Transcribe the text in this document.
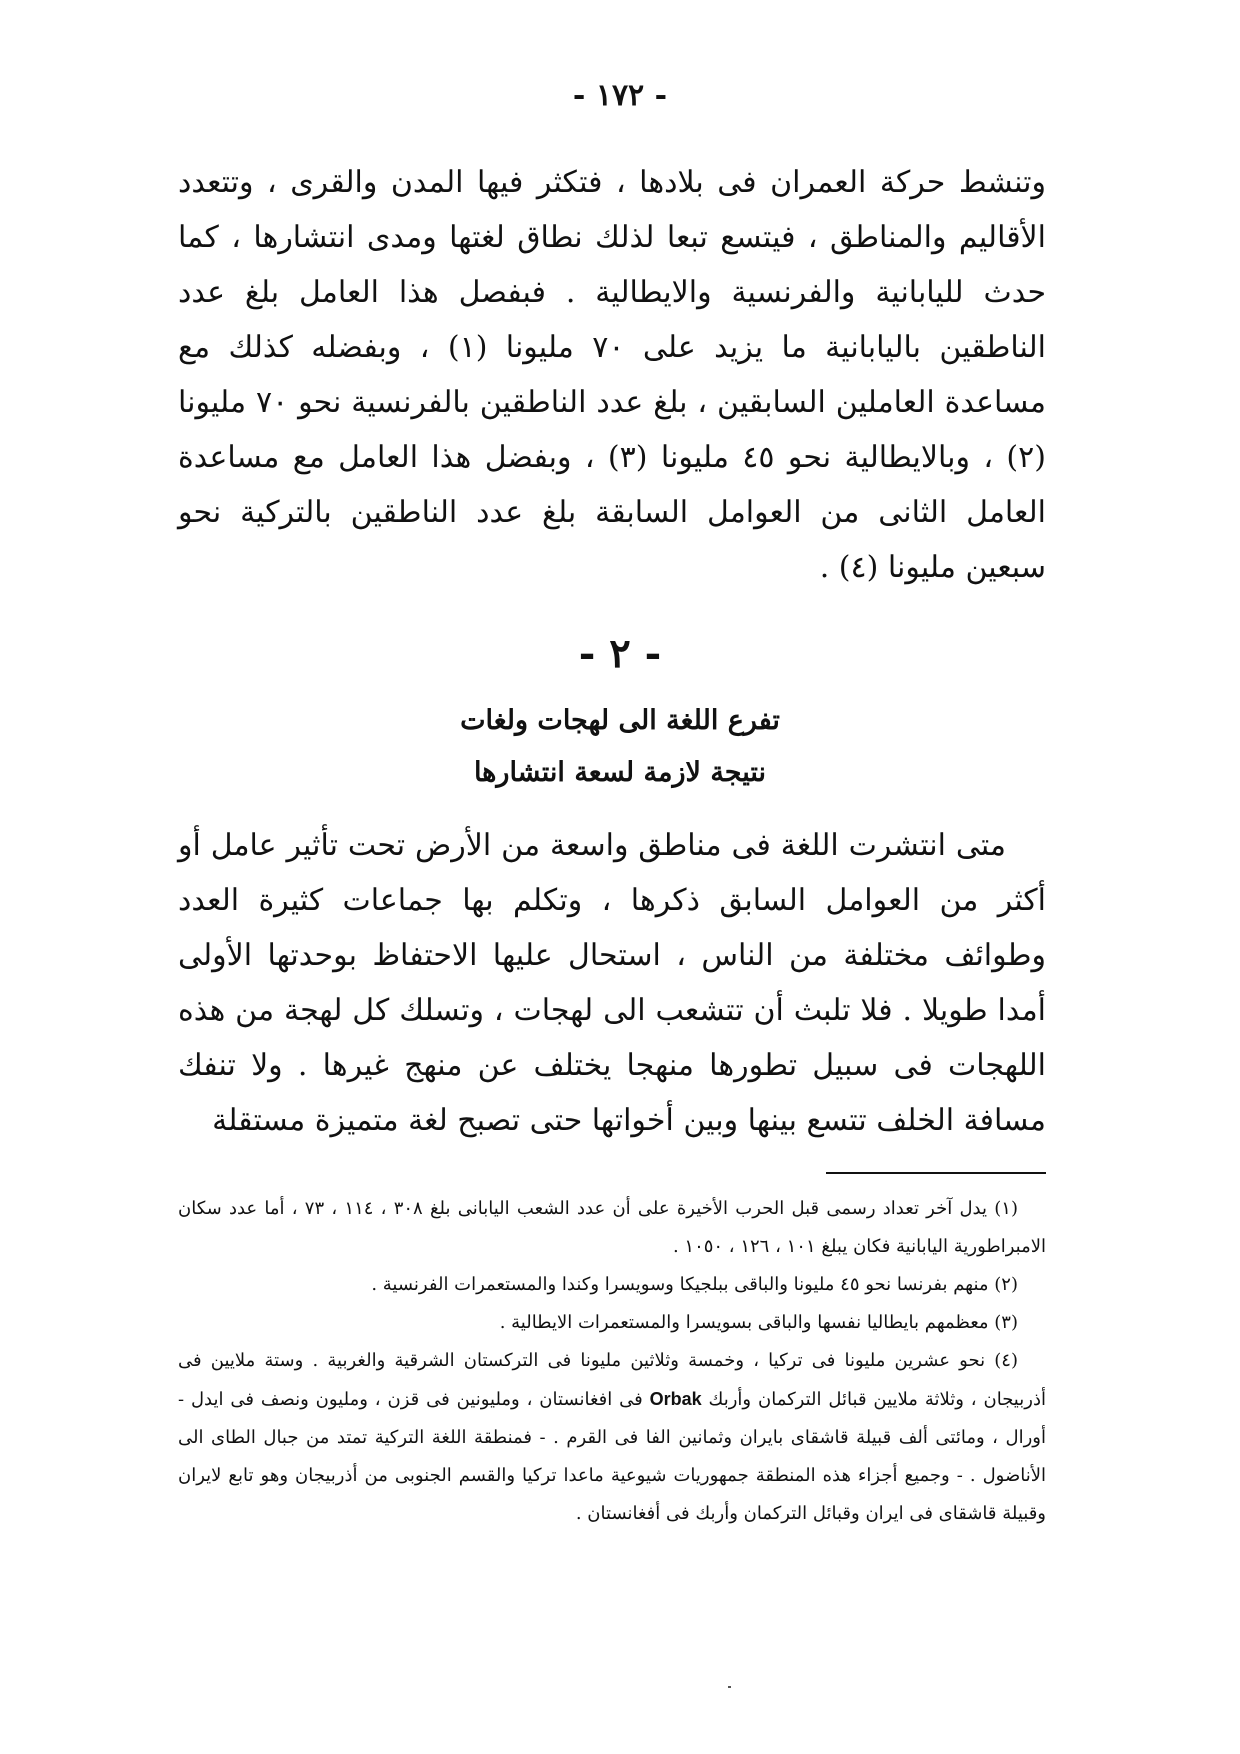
- ١٧٢ -

وتنشط حركة العمران فى بلادها ، فتكثر فيها المدن والقرى ، وتتعدد الأقاليم والمناطق ، فيتسع تبعا لذلك نطاق لغتها ومدى انتشارها ، كما حدث لليابانية والفرنسية والايطالية . فبفصل هذا العامل بلغ عدد الناطقين باليابانية ما يزيد على ٧٠ مليونا (١) ، وبفضله كذلك مع مساعدة العاملين السابقين ، بلغ عدد الناطقين بالفرنسية نحو ٧٠ مليونا (٢) ، وبالايطالية نحو ٤٥ مليونا (٣) ، وبفضل هذا العامل مع مساعدة العامل الثانى من العوامل السابقة بلغ عدد الناطقين بالتركية نحو سبعين مليونا (٤) .

- ٢ -
تفرع اللغة الى لهجات ولغات
نتيجة لازمة لسعة انتشارها

متى انتشرت اللغة فى مناطق واسعة من الأرض تحت تأثير عامل أو أكثر من العوامل السابق ذكرها ، وتكلم بها جماعات كثيرة العدد وطوائف مختلفة من الناس ، استحال عليها الاحتفاظ بوحدتها الأولى أمدا طويلا . فلا تلبث أن تتشعب الى لهجات ، وتسلك كل لهجة من هذه اللهجات فى سبيل تطورها منهجا يختلف عن منهج غيرها . ولا تنفك مسافة الخلف تتسع بينها وبين أخواتها حتى تصبح لغة متميزة مستقلة

(١) يدل آخر تعداد رسمى قبل الحرب الأخيرة على أن عدد الشعب اليابانى بلغ ٣٠٨ ، ١١٤ ، ٧٣ ، أما عدد سكان الامبراطورية اليابانية فكان يبلغ ١٠١ ، ١٢٦ ، ١٠٥٠ .

(٢) منهم بفرنسا نحو ٤٥ مليونا والباقى ببلجيكا وسويسرا وكندا والمستعمرات الفرنسية .

(٣) معظمهم بايطاليا نفسها والباقى بسويسرا والمستعمرات الايطالية .

(٤) نحو عشرين مليونا فى تركيا ، وخمسة وثلاثين مليونا فى التركستان الشرقية والغربية . وستة ملايين فى أذربيجان ، وثلاثة ملايين قبائل التركمان وأربك Orbak فى افغانستان ، ومليونين فى قزن ، ومليون ونصف فى ايدل - أورال ، ومائتى ألف قبيلة قاشقاى بايران وثمانين الفا فى القرم . - فمنطقة اللغة التركية تمتد من جبال الطاى الى الأناضول . - وجميع أجزاء هذه المنطقة جمهوريات شيوعية ماعدا تركيا والقسم الجنوبى من أذربيجان وهو تابع لايران وقبيلة قاشقاى فى ايران وقبائل التركمان وأربك فى أفغانستان .
